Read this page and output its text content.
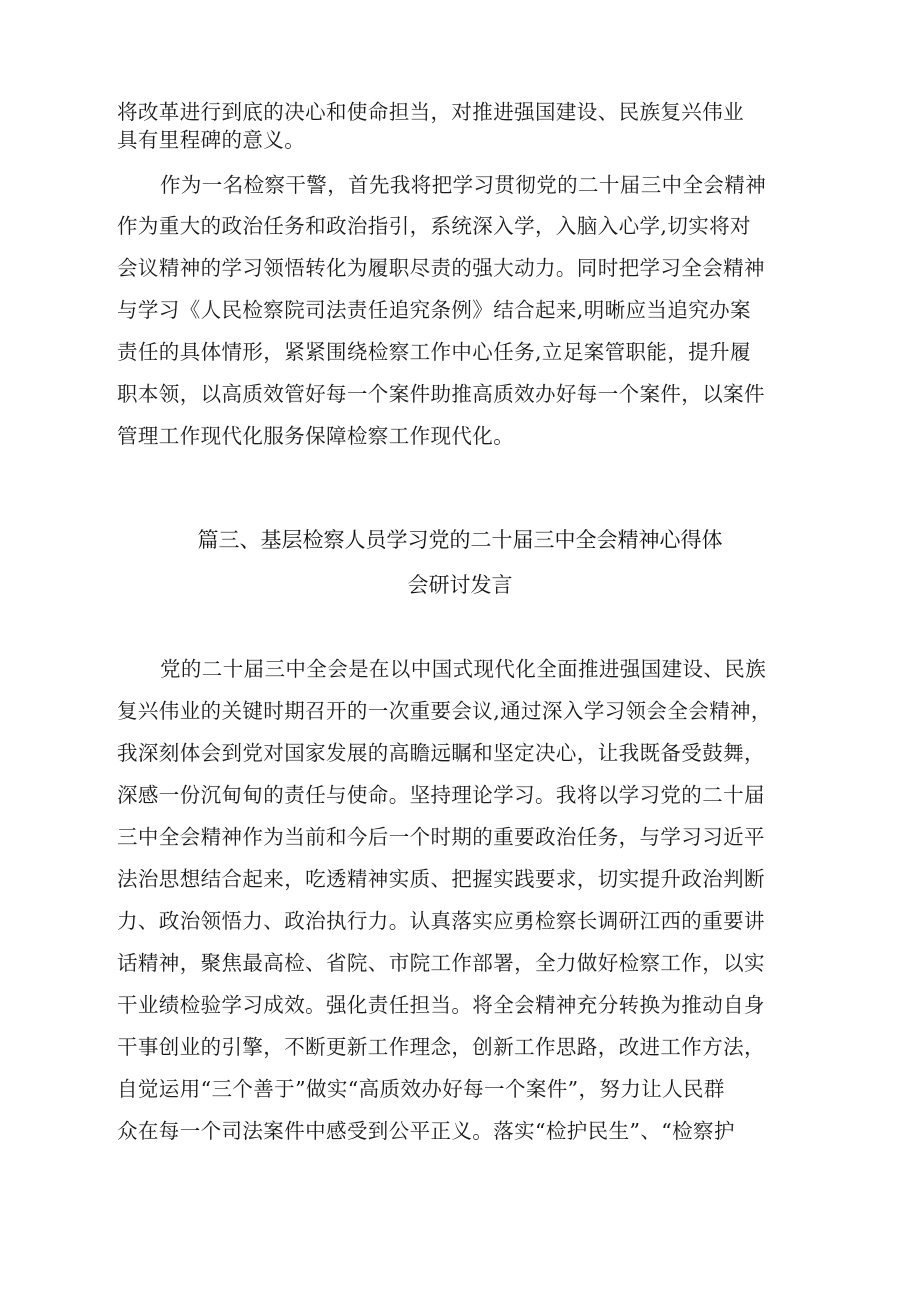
将改革进行到底的决心和使命担当，对推进强国建设、民族复兴伟业
具有里程碑的意义。
作为一名检察干警，首先我将把学习贯彻党的二十届三中全会精神
作为重大的政治任务和政治指引，系统深入学，入脑入心学,切实将对
会议精神的学习领悟转化为履职尽责的强大动力。同时把学习全会精神
与学习《人民检察院司法责任追究条例》结合起来,明晰应当追究办案
责任的具体情形，紧紧围绕检察工作中心任务,立足案管职能，提升履
职本领，以高质效管好每一个案件助推高质效办好每一个案件，以案件
管理工作现代化服务保障检察工作现代化。
篇三、基层检察人员学习党的二十届三中全会精神心得体
会研讨发言
党的二十届三中全会是在以中国式现代化全面推进强国建设、民族
复兴伟业的关键时期召开的一次重要会议,通过深入学习领会全会精神，
我深刻体会到党对国家发展的高瞻远瞩和坚定决心，让我既备受鼓舞，
深感一份沉甸甸的责任与使命。坚持理论学习。我将以学习党的二十届
三中全会精神作为当前和今后一个时期的重要政治任务，与学习习近平
法治思想结合起来，吃透精神实质、把握实践要求，切实提升政治判断
力、政治领悟力、政治执行力。认真落实应勇检察长调研江西的重要讲
话精神，聚焦最高检、省院、市院工作部署，全力做好检察工作，以实
干业绩检验学习成效。强化责任担当。将全会精神充分转换为推动自身
干事创业的引擎，不断更新工作理念，创新工作思路，改进工作方法，
自觉运用“三个善于”做实“高质效办好每一个案件”，努力让人民群
众在每一个司法案件中感受到公平正义。落实“检护民生”、“检察护
